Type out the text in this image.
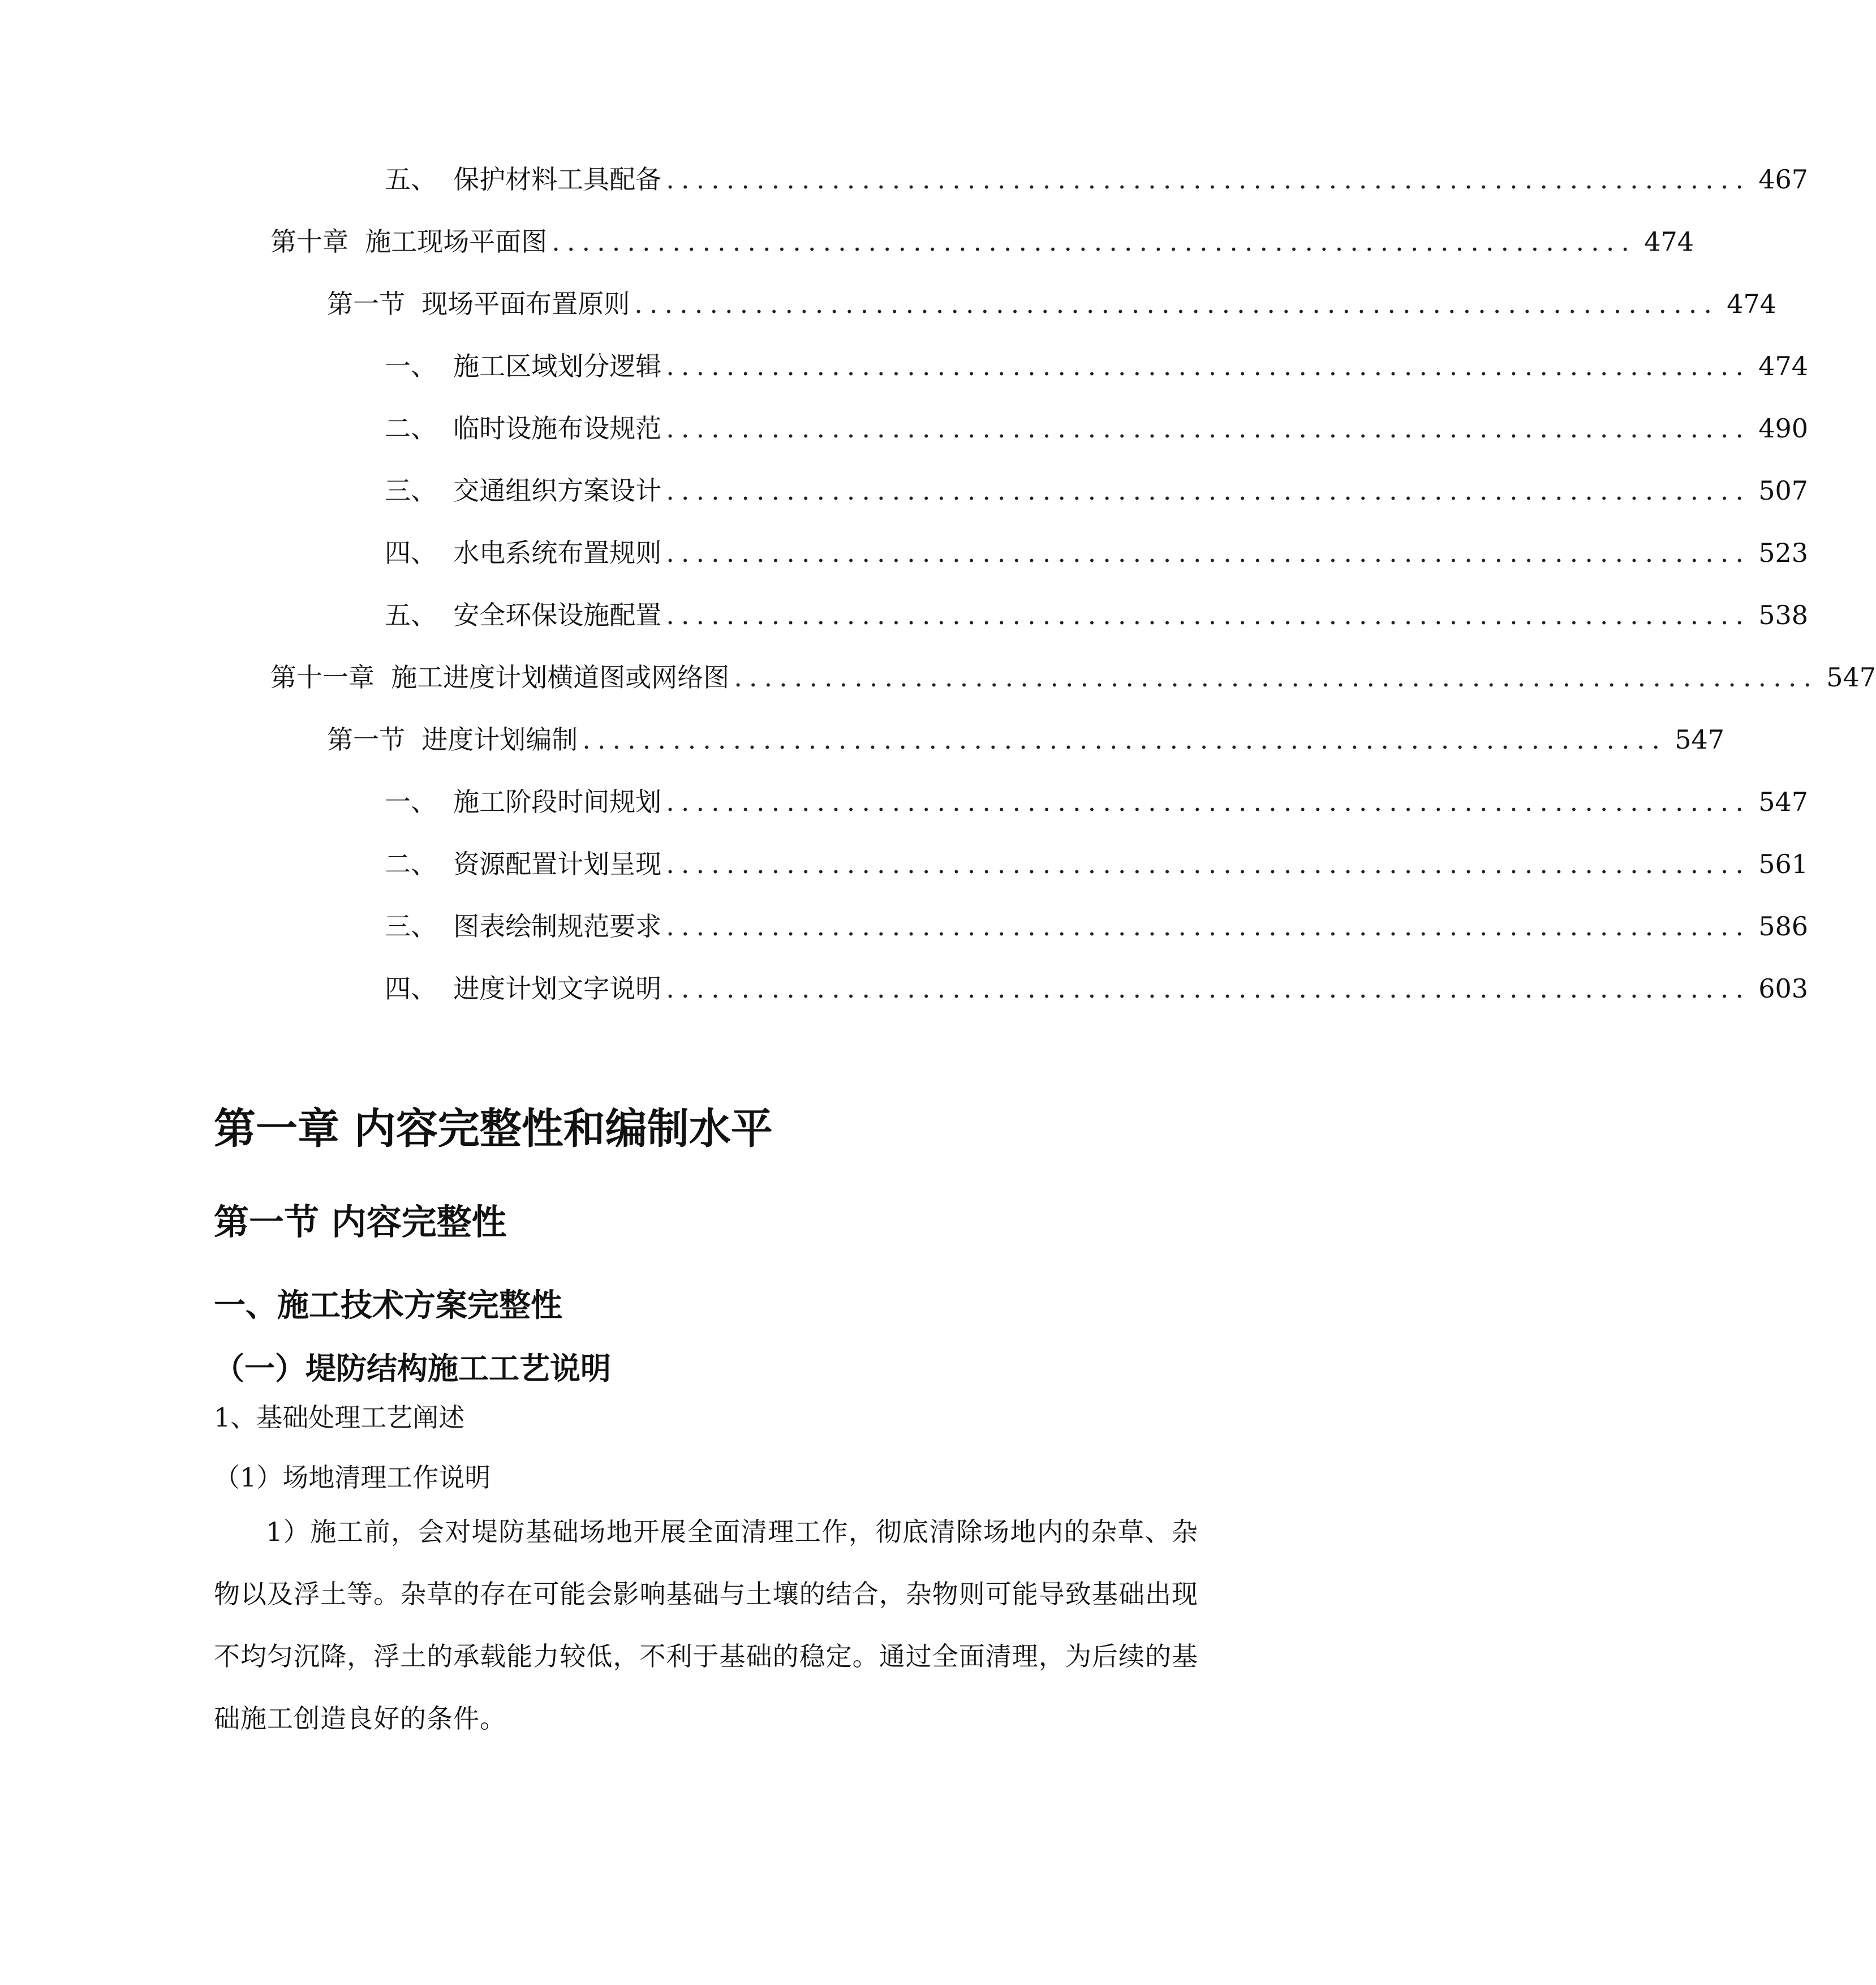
五、  保护材料工具配备 ........................................................................ 467
第十章  施工现场平面图 ........................................................................ 474
第一节  现场平面布置原则 ........................................................................ 474
一、  施工区域划分逻辑 ........................................................................ 474
二、  临时设施布设规范 ........................................................................ 490
三、  交通组织方案设计 ........................................................................ 507
四、  水电系统布置规则 ........................................................................ 523
五、  安全环保设施配置 ........................................................................ 538
第十一章  施工进度计划横道图或网络图 ........................................................................ 547
第一节  进度计划编制 ........................................................................ 547
一、  施工阶段时间规划 ........................................................................ 547
二、  资源配置计划呈现 ........................................................................ 561
三、  图表绘制规范要求 ........................................................................ 586
四、  进度计划文字说明 ........................................................................ 603
第一章 内容完整性和编制水平
第一节 内容完整性
一、施工技术方案完整性
（一）堤防结构施工工艺说明

1、基础处理工艺阐述

（1）场地清理工作说明

1）施工前，会对堤防基础场地开展全面清理工作，彻底清除场地内的杂草、杂物以及浮土等。杂草的存在可能会影响基础与土壤的结合，杂物则可能导致基础出现不均匀沉降，浮土的承载能力较低，不利于基础的稳定。通过全面清理，为后续的基础施工创造良好的条件。
